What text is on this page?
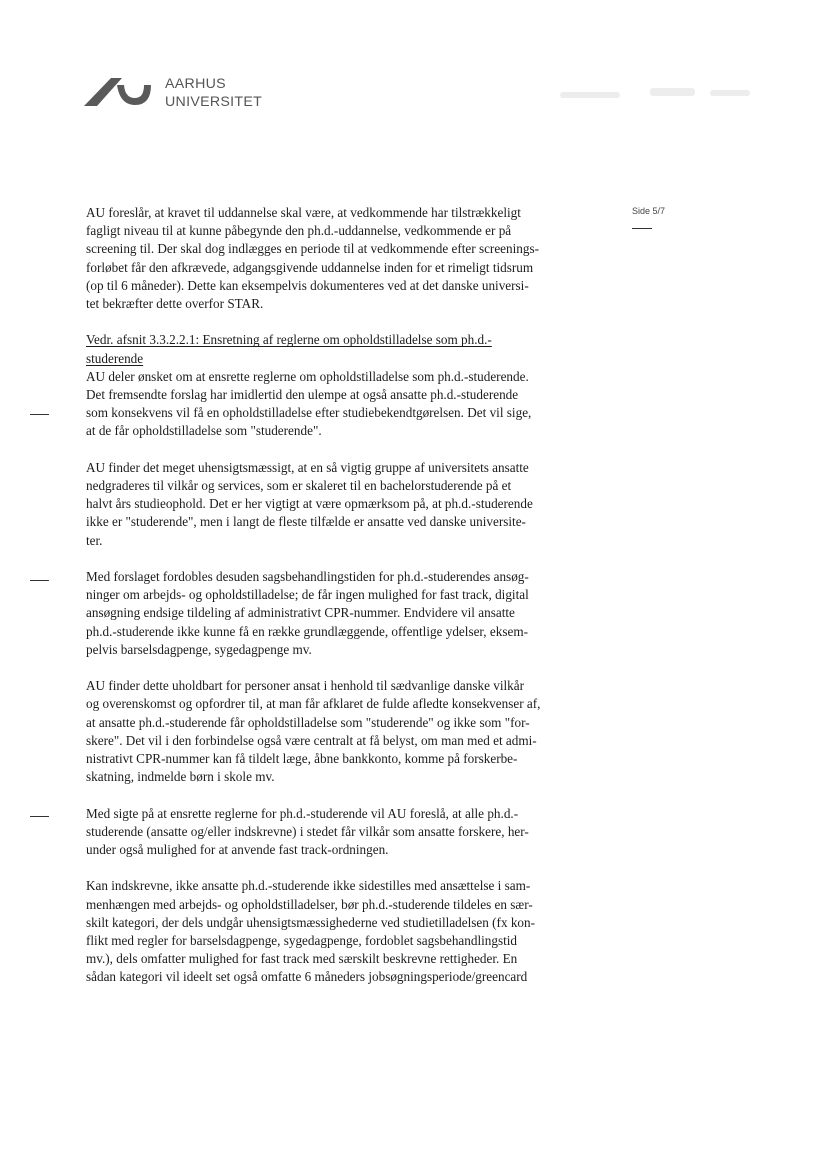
AARHUS
UNIVERSITET
Side 5/7

AU foreslår, at kravet til uddannelse skal være, at vedkommende har tilstrækkeligt
fagligt niveau til at kunne påbegynde den ph.d.-uddannelse, vedkommende er på
screening til. Der skal dog indlægges en periode til at vedkommende efter screenings-
forløbet får den afkrævede, adgangsgivende uddannelse inden for et rimeligt tidsrum
(op til 6 måneder). Dette kan eksempelvis dokumenteres ved at det danske universi-
tet bekræfter dette overfor STAR.

Vedr. afsnit 3.3.2.2.1: Ensretning af reglerne om opholdstilladelse som ph.d.-
studerende
AU deler ønsket om at ensrette reglerne om opholdstilladelse som ph.d.-studerende.
Det fremsendte forslag har imidlertid den ulempe at også ansatte ph.d.-studerende
som konsekvens vil få en opholdstilladelse efter studiebekendtgørelsen. Det vil sige,
at de får opholdstilladelse som "studerende".

AU finder det meget uhensigtsmæssigt, at en så vigtig gruppe af universitets ansatte
nedgraderes til vilkår og services, som er skaleret til en bachelorstuderende på et
halvt års studieophold. Det er her vigtigt at være opmærksom på, at ph.d.-studerende
ikke er "studerende", men i langt de fleste tilfælde er ansatte ved danske universite-
ter.

Med forslaget fordobles desuden sagsbehandlingstiden for ph.d.-studerendes ansøg-
ninger om arbejds- og opholdstilladelse; de får ingen mulighed for fast track, digital
ansøgning endsige tildeling af administrativt CPR-nummer. Endvidere vil ansatte
ph.d.-studerende ikke kunne få en række grundlæggende, offentlige ydelser, eksem-
pelvis barselsdagpenge, sygedagpenge mv.

AU finder dette uholdbart for personer ansat i henhold til sædvanlige danske vilkår
og overenskomst og opfordrer til, at man får afklaret de fulde afledte konsekvenser af,
at ansatte ph.d.-studerende får opholdstilladelse som "studerende" og ikke som "for-
skere". Det vil i den forbindelse også være centralt at få belyst, om man med et admi-
nistrativt CPR-nummer kan få tildelt læge, åbne bankkonto, komme på forskerbe-
skatning, indmelde børn i skole mv.

Med sigte på at ensrette reglerne for ph.d.-studerende vil AU foreslå, at alle ph.d.-
studerende (ansatte og/eller indskrevne) i stedet får vilkår som ansatte forskere, her-
under også mulighed for at anvende fast track-ordningen.

Kan indskrevne, ikke ansatte ph.d.-studerende ikke sidestilles med ansættelse i sam-
menhængen med arbejds- og opholdstilladelser, bør ph.d.-studerende tildeles en sær-
skilt kategori, der dels undgår uhensigtsmæssighederne ved studietilladelsen (fx kon-
flikt med regler for barselsdagpenge, sygedagpenge, fordoblet sagsbehandlingstid
mv.), dels omfatter mulighed for fast track med særskilt beskrevne rettigheder. En
sådan kategori vil ideelt set også omfatte 6 måneders jobsøgningsperiode/greencard
